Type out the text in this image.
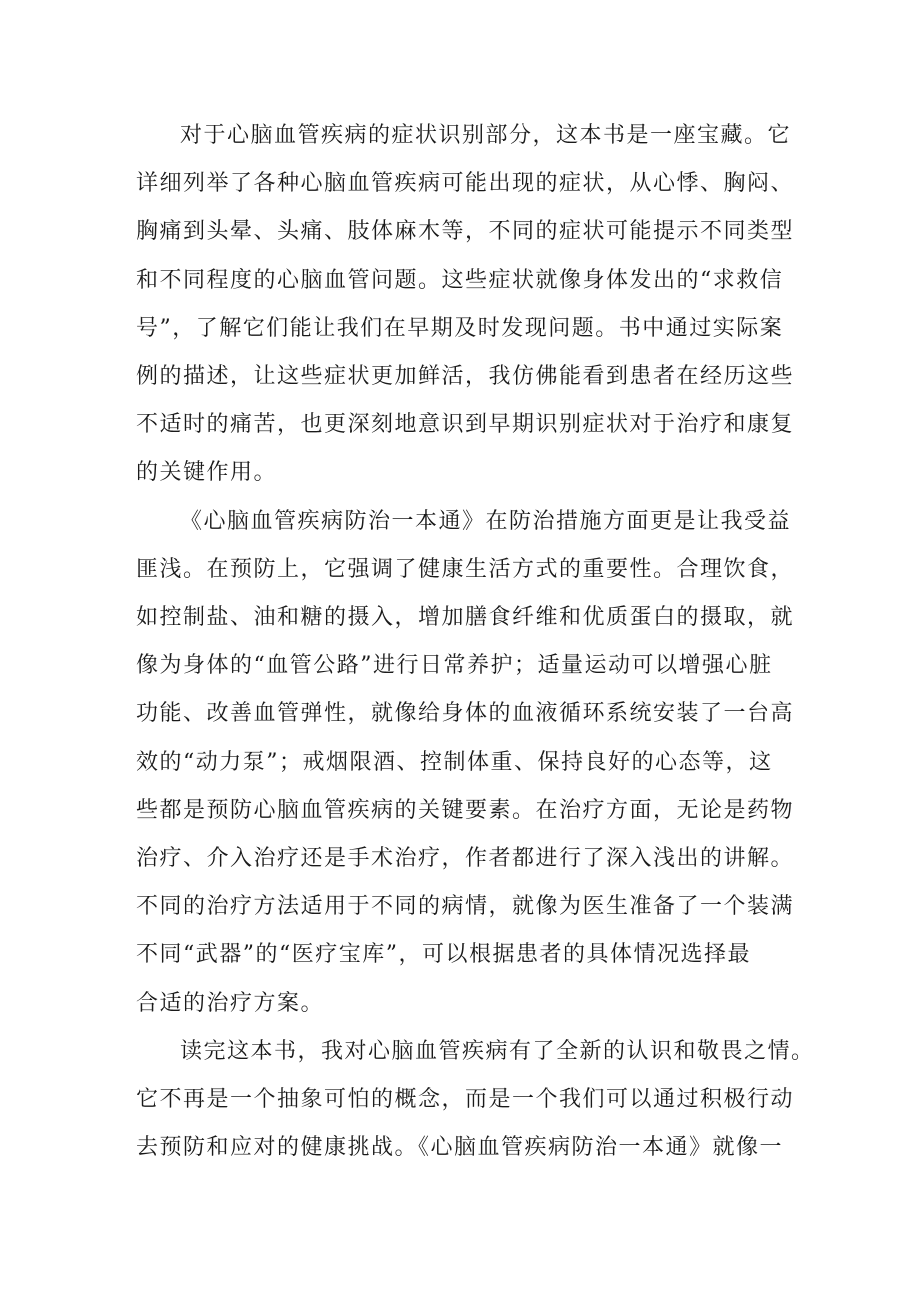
对于心脑血管疾病的症状识别部分，这本书是一座宝藏。它
详细列举了各种心脑血管疾病可能出现的症状，从心悸、胸闷、
胸痛到头晕、头痛、肢体麻木等，不同的症状可能提示不同类型
和不同程度的心脑血管问题。这些症状就像身体发出的“求救信
号”，了解它们能让我们在早期及时发现问题。书中通过实际案
例的描述，让这些症状更加鲜活，我仿佛能看到患者在经历这些
不适时的痛苦，也更深刻地意识到早期识别症状对于治疗和康复
的关键作用。

《心脑血管疾病防治一本通》在防治措施方面更是让我受益
匪浅。在预防上，它强调了健康生活方式的重要性。合理饮食，
如控制盐、油和糖的摄入，增加膳食纤维和优质蛋白的摄取，就
像为身体的“血管公路”进行日常养护；适量运动可以增强心脏
功能、改善血管弹性，就像给身体的血液循环系统安装了一台高
效的“动力泵”；戒烟限酒、控制体重、保持良好的心态等，这
些都是预防心脑血管疾病的关键要素。在治疗方面，无论是药物
治疗、介入治疗还是手术治疗，作者都进行了深入浅出的讲解。
不同的治疗方法适用于不同的病情，就像为医生准备了一个装满
不同“武器”的“医疗宝库”，可以根据患者的具体情况选择最
合适的治疗方案。

读完这本书，我对心脑血管疾病有了全新的认识和敬畏之情。
它不再是一个抽象可怕的概念，而是一个我们可以通过积极行动
去预防和应对的健康挑战。《心脑血管疾病防治一本通》就像一
